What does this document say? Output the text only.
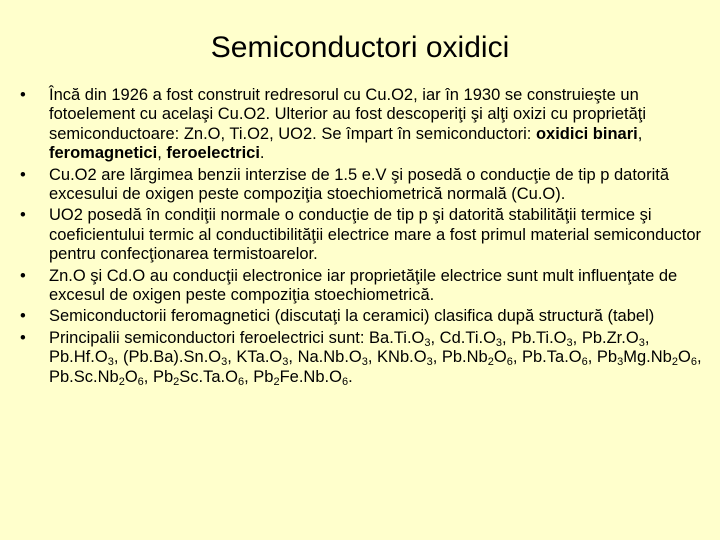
Semiconductori oxidici
•	Încă din 1926 a fost construit redresorul cu Cu.O2, iar în 1930 se construieşte un fotoelement cu acelaşi Cu.O2. Ulterior au fost descoperiţi şi alţi oxizi cu proprietăţi semiconductoare: Zn.O, Ti.O2, UO2. Se împart în semiconductori: oxidici binari, feromagnetici, feroelectrici.
•	Cu.O2 are lărgimea benzii interzise de 1.5 e.V şi posedă o conducţie de tip p datorită excesului de oxigen peste compoziţia stoechiometrică normală (Cu.O).
•	UO2 posedă în condiţii normale o conducţie de tip p şi datorită stabilităţii termice şi coeficientului termic al conductibilităţii electrice mare a fost primul material semiconductor pentru confecţionarea termistoarelor.
•	Zn.O şi Cd.O au conducţii electronice iar proprietăţile electrice sunt mult influenţate de excesul de oxigen peste compoziţia stoechiometrică.
•	Semiconductorii feromagnetici (discutaţi la ceramici) clasifica după structură (tabel)
•	Principalii semiconductori feroelectrici sunt: $Ba.Ti.O_3$, $Cd.Ti.O_3$, $Pb.Ti.O_3$, $Pb.Zr.O_3$, $Pb.Hf.O_3$, $(Pb.Ba).Sn.O_3$, $KTa.O_3$, $Na.Nb.O_3$, $KNb.O_3$, $Pb.Nb_2O_6$, $Pb.Ta.O_6$, $Pb_3Mg.Nb_2O_6$, $Pb.Sc.Nb_2O_6$, $Pb_2Sc.Ta.O_6$, $Pb_2Fe.Nb.O_6$.
